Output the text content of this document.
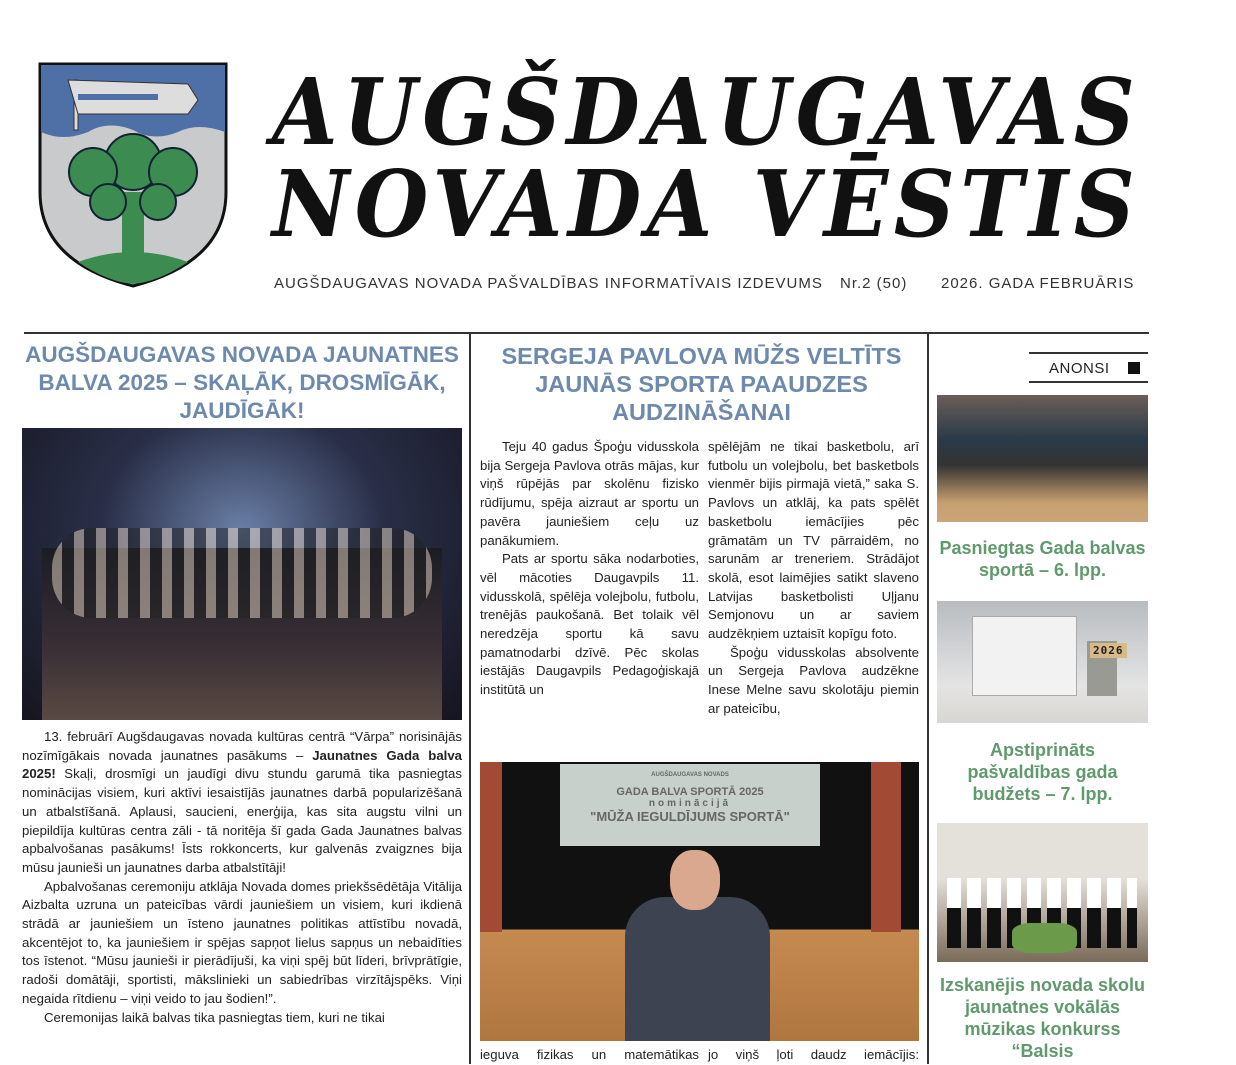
AUGŠDAUGAVAS
NOVADA VĒSTIS
AUGŠDAUGAVAS NOVADA PAŠVALDĪBAS INFORMATĪVAIS IZDEVUMS Nr.2 (50) 2026. GADA FEBRUĀRIS
AUGŠDAUGAVAS NOVADA JAUNATNES BALVA 2025 – SKAĻĀK, DROSMĪGĀK, JAUDĪGĀK!

13. februārī Augšdaugavas novada kultūras centrā “Vārpa” norisinājās nozīmīgākais novada jaunatnes pasākums – Jaunatnes Gada balva 2025! Skaļi, drosmīgi un jaudīgi divu stundu garumā tika pasniegtas nominācijas visiem, kuri aktīvi iesaistījās jaunatnes darbā popularizēšanā un atbalstīšanā. Aplausi, saucieni, enerģija, kas sita augstu vilni un piepildīja kultūras centra zāli - tā noritēja šī gada Gada Jaunatnes balvas apbalvošanas pasākums! Īsts rokkoncerts, kur galvenās zvaigznes bija mūsu jaunieši un jaunatnes darba atbalstītāji!

Apbalvošanas ceremoniju atklāja Novada domes priekšsēdētāja Vitālija Aizbalta uzruna un pateicības vārdi jauniešiem un visiem, kuri ikdienā strādā ar jauniešiem un īsteno jaunatnes politikas attīstību novadā, akcentējot to, ka jauniešiem ir spējas sapņot lielus sapņus un nebaidīties tos īstenot. “Mūsu jaunieši ir pierādījuši, ka viņi spēj būt līderi, brīvprātīgie, radoši domātāji, sportisti, mākslinieki un sabiedrības virzītājspēks. Viņi negaida rītdienu – viņi veido to jau šodien!”.

Ceremonijas laikā balvas tika pasniegtas tiem, kuri ne tikai

SERGEJA PAVLOVA MŪŽS VELTĪTS JAUNĀS SPORTA PAAUDZES AUDZINĀŠANAI

Teju 40 gadus Špoģu vidusskola bija Sergeja Pavlova otrās mājas, kur viņš rūpējās par skolēnu fizisko rūdījumu, spēja aizraut ar sportu un pavēra jauniešiem ceļu uz panākumiem.

Pats ar sportu sāka nodarboties, vēl mācoties Daugavpils 11. vidusskolā, spēlēja volejbolu, futbolu, trenējās paukošanā. Bet tolaik vēl neredzēja sportu kā savu pamatnodarbi dzīvē. Pēc skolas iestājās Daugavpils Pedagoģiskajā institūtā un

spēlējām ne tikai basketbolu, arī futbolu un volejbolu, bet basketbols vienmēr bijis pirmajā vietā,” saka S. Pavlovs un atklāj, ka pats spēlēt basketbolu iemācījies pēc grāmatām un TV pārraidēm, no sarunām ar treneriem. Strādājot skolā, esot laimējies satikt slaveno Latvijas basketbolisti Uļjanu Semjonovu un ar saviem audzēkņiem uztaisīt kopīgu foto.

Špoģu vidusskolas absolvente un Sergeja Pavlova audzēkne Inese Melne savu skolotāju piemin ar pateicību,

AUGŠDAUGAVAS NOVADS
GADA BALVA SPORTĀ 2025
nominācijā
"MŪŽA IEGULDĪJUMS SPORTĀ"
ieguva fizikas un matemātikas jo viņš ļoti daudz iemācījis:
ANONSI
Pasniegtas Gada balvas sportā – 6. lpp.
2026
Apstiprināts pašvaldības gada budžets – 7. lpp.
Izskanējis novada skolu jaunatnes vokālās mūzikas konkurss “Balsis
